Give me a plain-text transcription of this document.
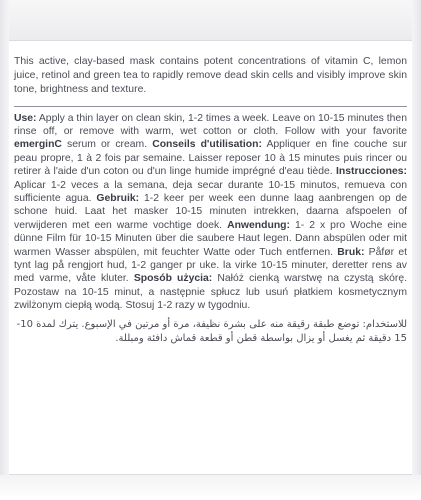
This active, clay-based mask contains potent concentrations of vitamin C, lemon juice, retinol and green tea to rapidly remove dead skin cells and visibly improve skin tone, brightness and texture.

Use: Apply a thin layer on clean skin, 1-2 times a week. Leave on 10-15 minutes then rinse off, or remove with warm, wet cotton or cloth. Follow with your favorite emerginC serum or cream. Conseils d'utilisation: Appliquer en fine couche sur peau propre, 1 à 2 fois par semaine. Laisser reposer 10 à 15 minutes puis rincer ou retirer à l'aide d'un coton ou d'un linge humide imprégné d'eau tiède. Instrucciones: Aplicar 1-2 veces a la semana, deja secar durante 10-15 minutos, remueva con sufficiente agua. Gebruik: 1-2 keer per week een dunne laag aanbrengen op de schone huid. Laat het masker 10-15 minuten intrekken, daarna afspoelen of verwijderen met een warme vochtige doek. Anwendung: 1- 2 x pro Woche eine dünne Film für 10-15 Minuten über die saubere Haut legen. Dann abspülen oder mit warmen Wasser abspülen, mit feuchter Watte oder Tuch entfernen. Bruk: Påfør et tynt lag på rengjort hud, 1-2 ganger pr uke. la virke 10-15 minuter, deretter rens av med varme, våte kluter. Sposób użycia: Nałóż cienką warstwę na czystą skórę. Pozostaw na 10-15 minut, a następnie spłucz lub usuń płatkiem kosmetycznym zwilżonym ciepłą wodą. Stosuj 1-2 razy w tygodniu.

للاستخدام: توضع طبقة رقيقة منه على بشرة نظيفة، مرة أو مرتين في الإسبوع. يترك لمدة 10-15 دقيقة ثم يغسل أو يزال بواسطة قطن أو قطعة قماش دافئة ومبللة.
